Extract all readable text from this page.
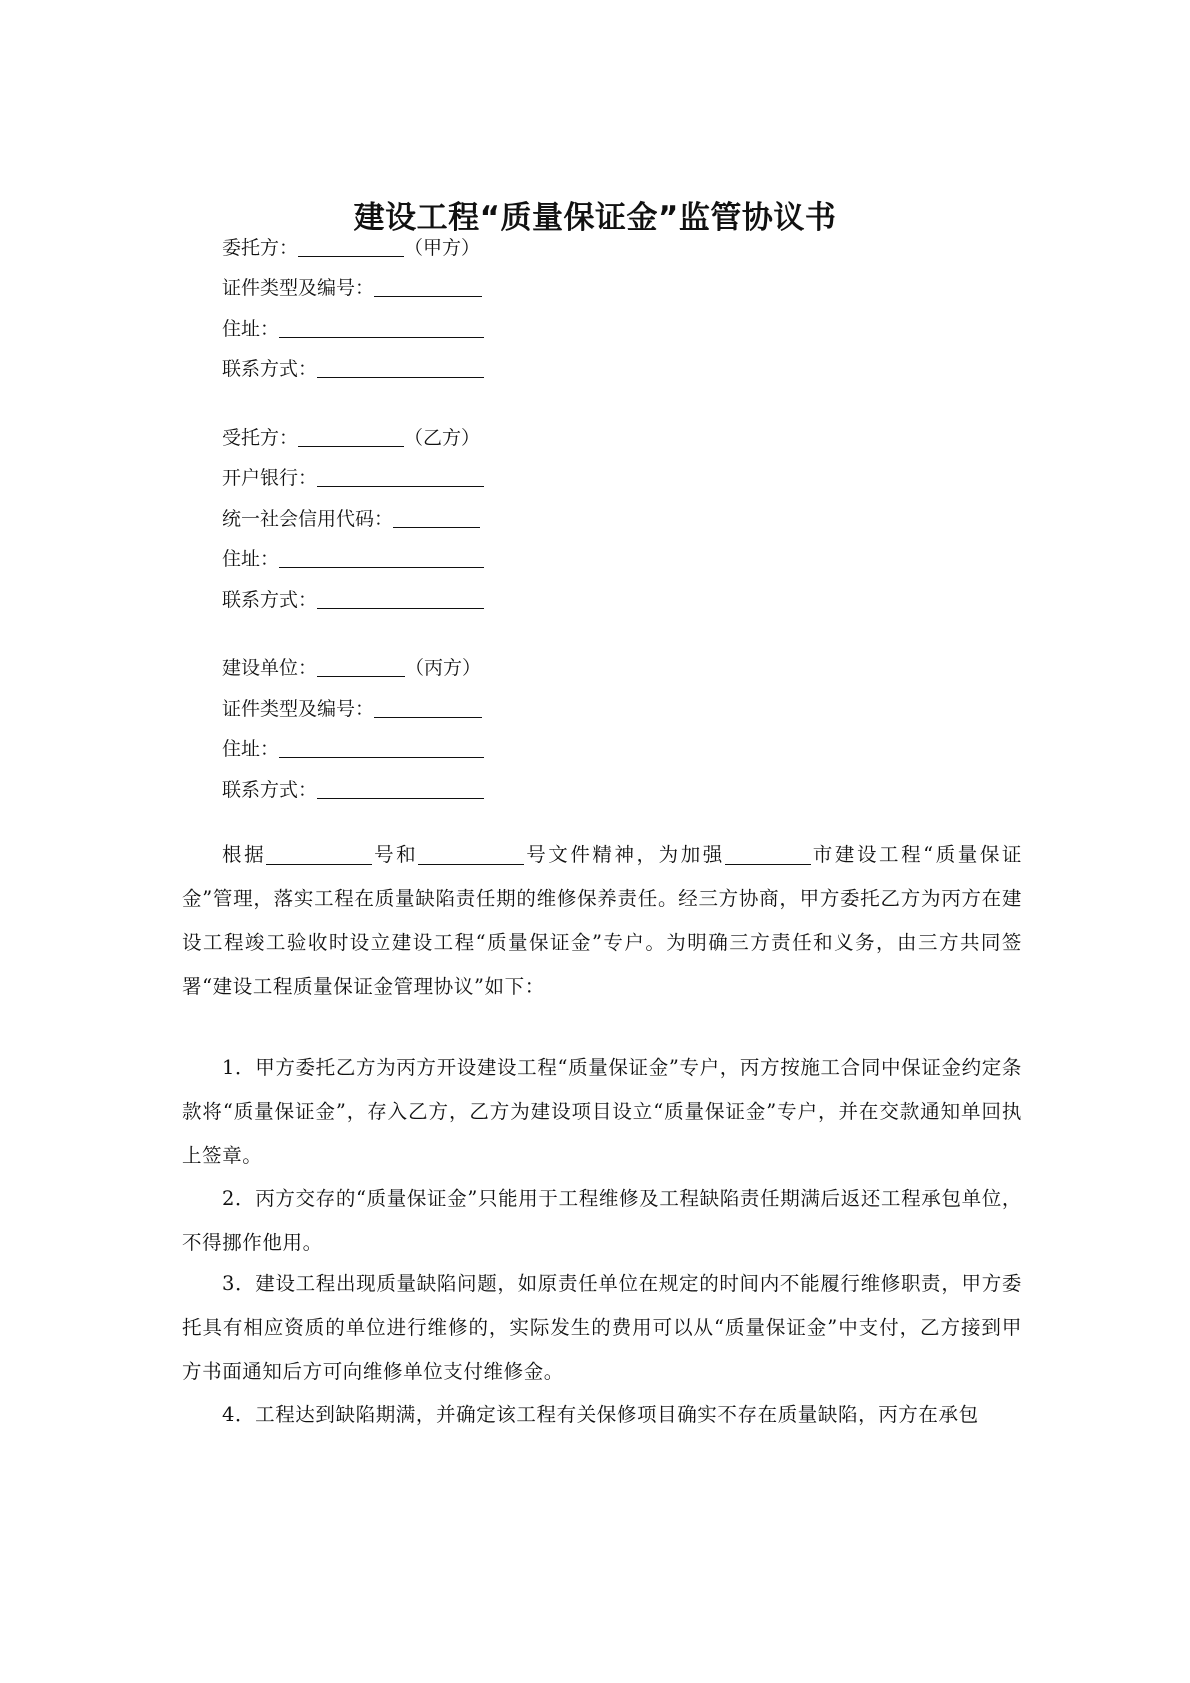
建设工程“质量保证金”监管协议书
委托方：	（甲方）
证件类型及编号：
住址：
联系方式：
受托方：	（乙方）
开户银行：
统一社会信用代码：
住址：
联系方式：
建设单位：	（丙方）
证件类型及编号：
住址：
联系方式：
根据	号和	号文件精神，为加强	市建设工程“质量保证金”管理，落实工程在质量缺陷责任期的维修保养责任。经三方协商，甲方委托乙方为丙方在建设工程竣工验收时设立建设工程“质量保证金”专户。为明确三方责任和义务，由三方共同签署“建设工程质量保证金管理协议”如下：
1．甲方委托乙方为丙方开设建设工程“质量保证金”专户，丙方按施工合同中保证金约定条款将“质量保证金”，存入乙方，乙方为建设项目设立“质量保证金”专户，并在交款通知单回执上签章。
2．丙方交存的“质量保证金”只能用于工程维修及工程缺陷责任期满后返还工程承包单位，不得挪作他用。
3．建设工程出现质量缺陷问题，如原责任单位在规定的时间内不能履行维修职责，甲方委托具有相应资质的单位进行维修的，实际发生的费用可以从“质量保证金”中支付，乙方接到甲方书面通知后方可向维修单位支付维修金。
4．工程达到缺陷期满，并确定该工程有关保修项目确实不存在质量缺陷，丙方在承包
